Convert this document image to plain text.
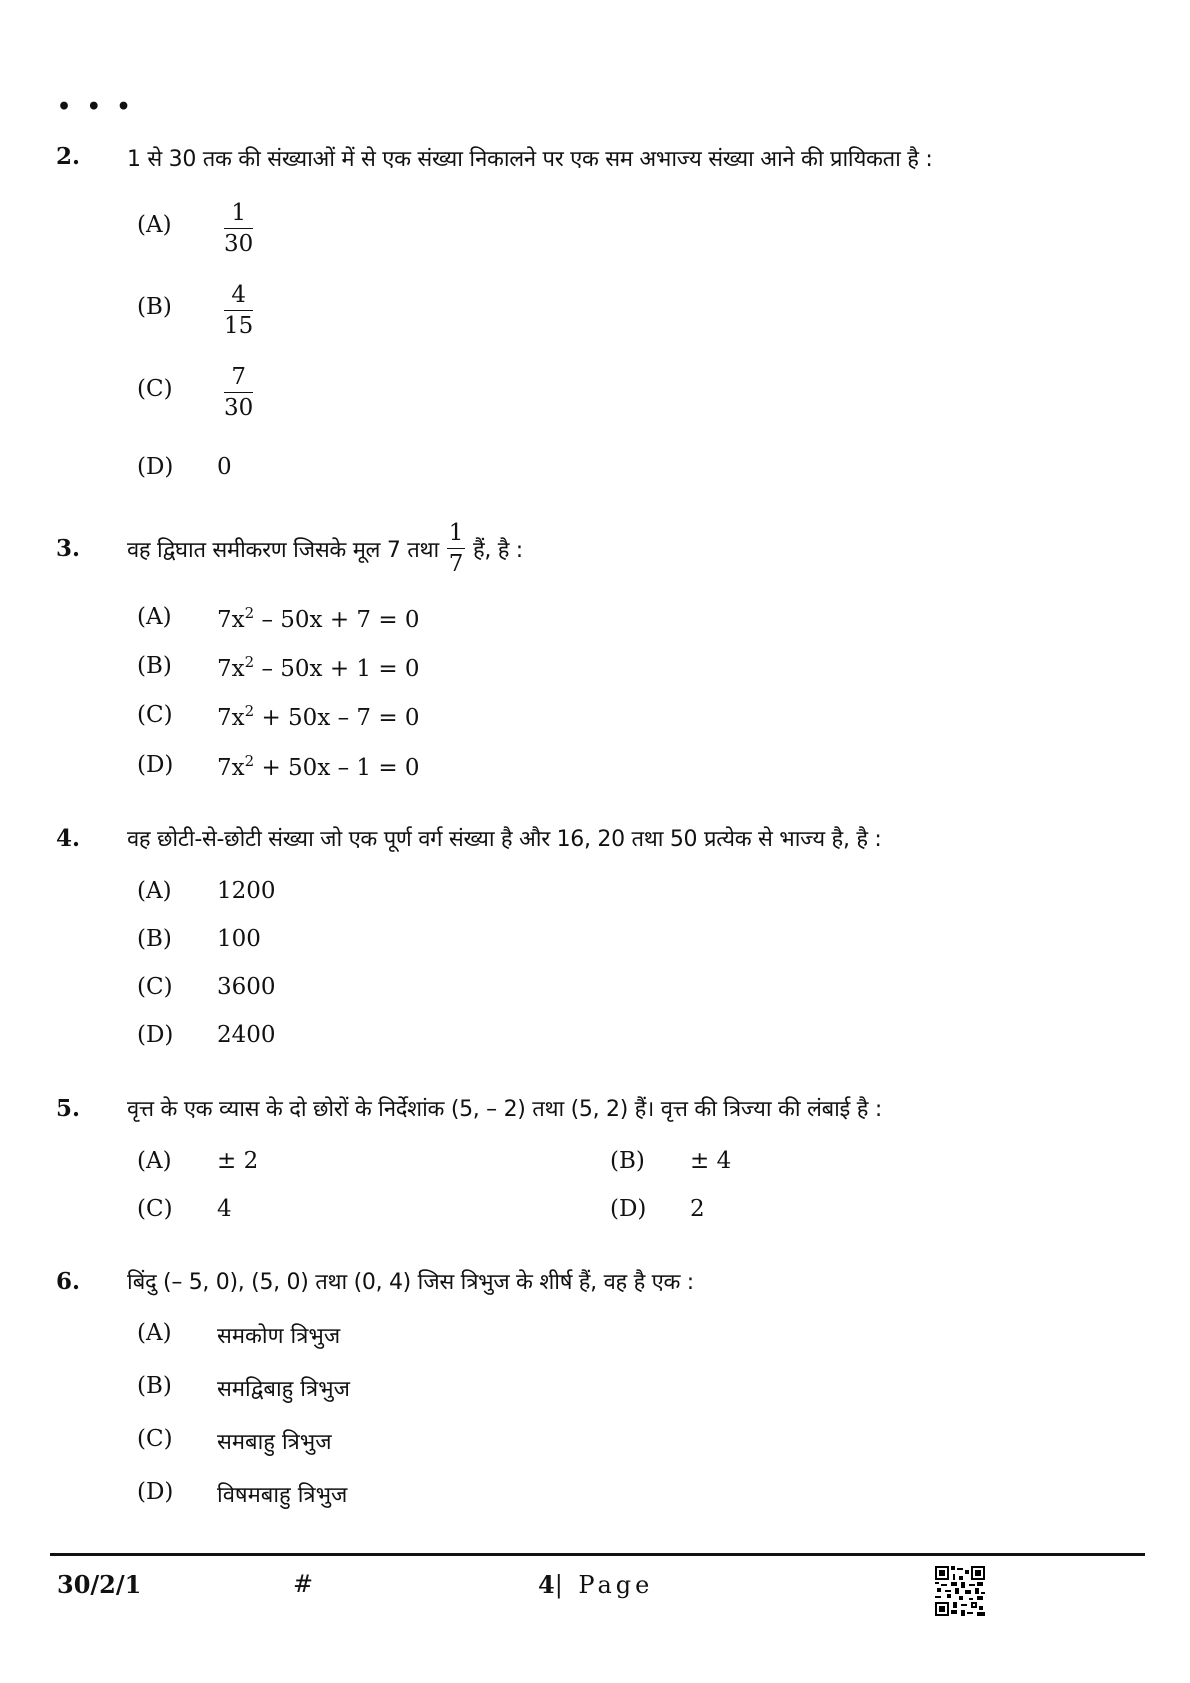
• • •
2. 1 से 30 तक की संख्याओं में से एक संख्या निकालने पर एक सम अभाज्य संख्या आने की प्रायिकता है :
$(A) \frac{1}{30}$
$(B) \frac{4}{15}$
$(C) \frac{7}{30}$
(D) 0
3. वह द्विघात समीकरण जिसके मूल 7 तथा $\frac{1}{7}$ हैं, है :
(A) $7x^2 - 50x + 7 = 0$
(B) $7x^2 - 50x + 1 = 0$
(C) $7x^2 + 50x - 7 = 0$
(D) $7x^2 + 50x - 1 = 0$
4. वह छोटी-से-छोटी संख्या जो एक पूर्ण वर्ग संख्या है और 16, 20 तथा 50 प्रत्येक से भाज्य है, है :
(A) 1200
(B) 100
(C) 3600
(D) 2400
5. वृत्त के एक व्यास के दो छोरों के निर्देशांक (5, – 2) तथा (5, 2) हैं। वृत्त की त्रिज्या की लंबाई है :
(A) ± 2	(B) ± 4
(C) 4	(D) 2
6. बिंदु (– 5, 0), (5, 0) तथा (0, 4) जिस त्रिभुज के शीर्ष हैं, वह है एक :
(A) समकोण त्रिभुज
(B) समद्विबाहु त्रिभुज
(C) समबाहु त्रिभुज
(D) विषमबाहु त्रिभुज
30/2/1	#	4| Page
